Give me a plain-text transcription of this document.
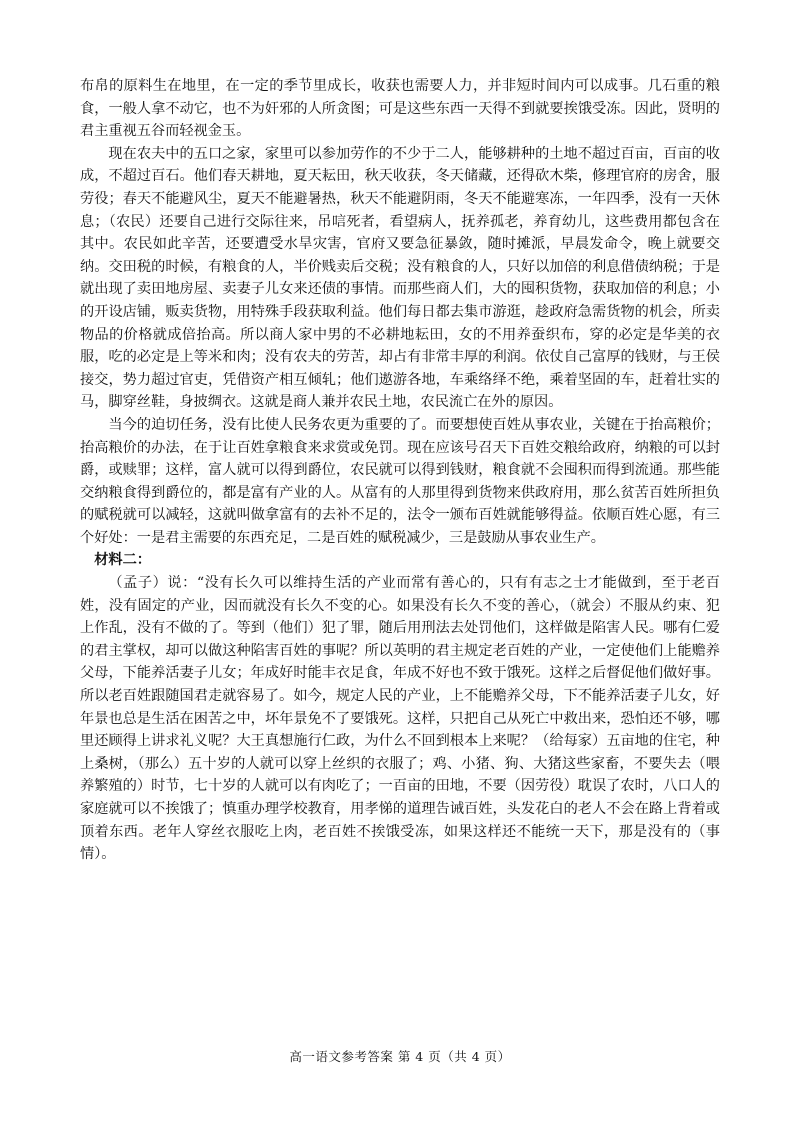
布帛的原料生在地里，在一定的季节里成长，收获也需要人力，并非短时间内可以成事。几石重的粮食，一般人拿不动它，也不为奸邪的人所贪图；可是这些东西一天得不到就要挨饿受冻。因此，贤明的君主重视五谷而轻视金玉。

现在农夫中的五口之家，家里可以参加劳作的不少于二人，能够耕种的土地不超过百亩，百亩的收成，不超过百石。他们春天耕地，夏天耘田，秋天收获，冬天储藏，还得砍木柴，修理官府的房舍，服劳役；春天不能避风尘，夏天不能避暑热，秋天不能避阴雨，冬天不能避寒冻，一年四季，没有一天休息；（农民）还要自己进行交际往来，吊唁死者，看望病人，抚养孤老，养育幼儿，这些费用都包含在其中。农民如此辛苦，还要遭受水旱灾害，官府又要急征暴敛，随时摊派，早晨发命令，晚上就要交纳。交田税的时候，有粮食的人，半价贱卖后交税；没有粮食的人，只好以加倍的利息借债纳税；于是就出现了卖田地房屋、卖妻子儿女来还债的事情。而那些商人们，大的囤积货物，获取加倍的利息；小的开设店铺，贩卖货物，用特殊手段获取利益。他们每日都去集市游逛，趁政府急需货物的机会，所卖物品的价格就成倍抬高。所以商人家中男的不必耕地耘田，女的不用养蚕织布，穿的必定是华美的衣服，吃的必定是上等米和肉；没有农夫的劳苦，却占有非常丰厚的利润。依仗自己富厚的钱财，与王侯接交，势力超过官吏，凭借资产相互倾轧；他们遨游各地，车乘络绎不绝，乘着坚固的车，赶着壮实的马，脚穿丝鞋，身披绸衣。这就是商人兼并农民土地，农民流亡在外的原因。

当今的迫切任务，没有比使人民务农更为重要的了。而要想使百姓从事农业，关键在于抬高粮价；抬高粮价的办法，在于让百姓拿粮食来求赏或免罚。现在应该号召天下百姓交粮给政府，纳粮的可以封爵，或赎罪；这样，富人就可以得到爵位，农民就可以得到钱财，粮食就不会囤积而得到流通。那些能交纳粮食得到爵位的，都是富有产业的人。从富有的人那里得到货物来供政府用，那么贫苦百姓所担负的赋税就可以减轻，这就叫做拿富有的去补不足的，法令一颁布百姓就能够得益。依顺百姓心愿，有三个好处：一是君主需要的东西充足，二是百姓的赋税减少，三是鼓励从事农业生产。

材料二：

（孟子）说：“没有长久可以维持生活的产业而常有善心的，只有有志之士才能做到，至于老百姓，没有固定的产业，因而就没有长久不变的心。如果没有长久不变的善心，（就会）不服从约束、犯上作乱，没有不做的了。等到（他们）犯了罪，随后用刑法去处罚他们，这样做是陷害人民。哪有仁爱的君主掌权，却可以做这种陷害百姓的事呢？所以英明的君主规定老百姓的产业，一定使他们上能赡养父母，下能养活妻子儿女；年成好时能丰衣足食，年成不好也不致于饿死。这样之后督促他们做好事。所以老百姓跟随国君走就容易了。如今，规定人民的产业，上不能赡养父母，下不能养活妻子儿女，好年景也总是生活在困苦之中，坏年景免不了要饿死。这样，只把自己从死亡中救出来，恐怕还不够，哪里还顾得上讲求礼义呢？大王真想施行仁政，为什么不回到根本上来呢？（给每家）五亩地的住宅，种上桑树，（那么）五十岁的人就可以穿上丝织的衣服了；鸡、小猪、狗、大猪这些家畜，不要失去（喂养繁殖的）时节，七十岁的人就可以有肉吃了；一百亩的田地，不要（因劳役）耽误了农时，八口人的家庭就可以不挨饿了；慎重办理学校教育，用孝悌的道理告诫百姓，头发花白的老人不会在路上背着或顶着东西。老年人穿丝衣服吃上肉，老百姓不挨饿受冻，如果这样还不能统一天下，那是没有的（事情）。

高一语文参考答案 第 4 页（共 4 页）
